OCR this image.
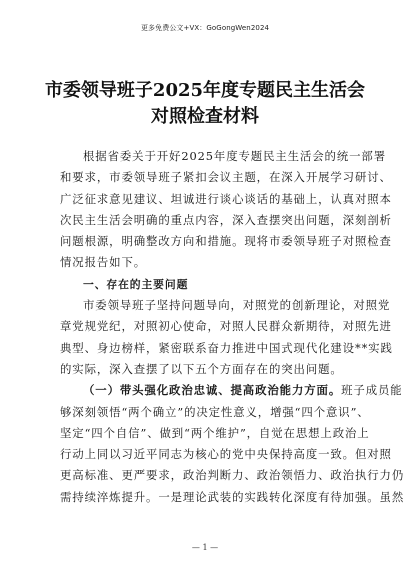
更多免费公文+VX：GoGongWen2024
市委领导班子2025年度专题民主生活会
对照检查材料
根据省委关于开好2025年度专题民主生活会的统一部署
和要求，市委领导班子紧扣会议主题，在深入开展学习研讨、
广泛征求意见建议、坦诚进行谈心谈话的基础上，认真对照本
次民主生活会明确的重点内容，深入查摆突出问题，深刻剖析
问题根源，明确整改方向和措施。现将市委领导班子对照检查
情况报告如下。
一、存在的主要问题
市委领导班子坚持问题导向，对照党的创新理论，对照党
章党规党纪，对照初心使命，对照人民群众新期待，对照先进
典型、身边榜样，紧密联系奋力推进中国式现代化建设**实践
的实际，深入查摆了以下五个方面存在的突出问题。
（一）带头强化政治忠诚、提高政治能力方面。班子成员能
够深刻领悟“两个确立”的决定性意义，增强“四个意识”、
坚定“四个自信”、做到“两个维护”，自觉在思想上政治上
行动上同以习近平同志为核心的党中央保持高度一致。但对照
更高标准、更严要求，政治判断力、政治领悟力、政治执行力仍
需持续淬炼提升。一是理论武装的实践转化深度有待加强。虽然
— 1 —
